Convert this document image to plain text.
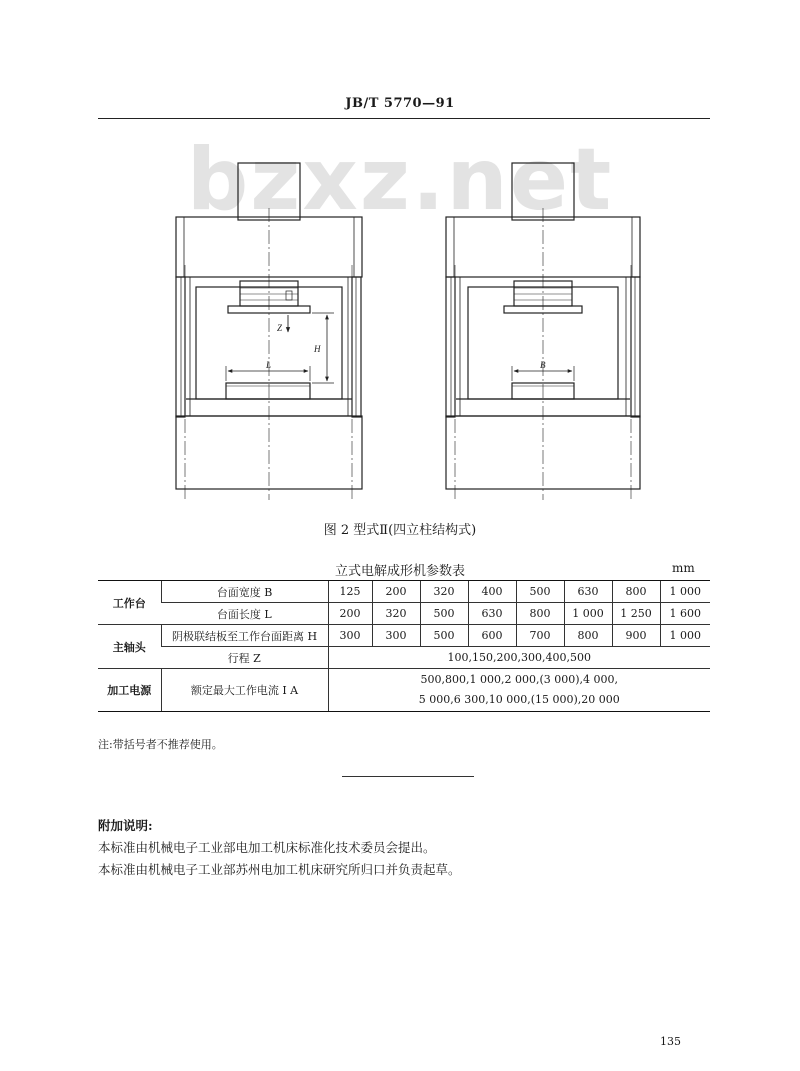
JB/T 5770—91
bzxz.net
Z
H
L	B
图 2 型式Ⅱ(四立柱结构式)
立式电解成形机参数表	mm
工作台	台面宽度 B	125	200	320	400	500	630	800	1 000
	台面长度 L	200	320	500	630	800	1 000	1 250	1 600
主轴头	阴极联结板至工作台面距离 H	300	300	500	600	700	800	900	1 000
	行程 Z	100,150,200,300,400,500							
加工电源	额定最大工作电流 I A	500,800,1 000,2 000,(3 000),4 000,
5 000,6 300,10 000,(15 000),20 000							
注:带括号者不推荐使用。
附加说明:
本标准由机械电子工业部电加工机床标准化技术委员会提出。
本标准由机械电子工业部苏州电加工机床研究所归口并负责起草。
135
